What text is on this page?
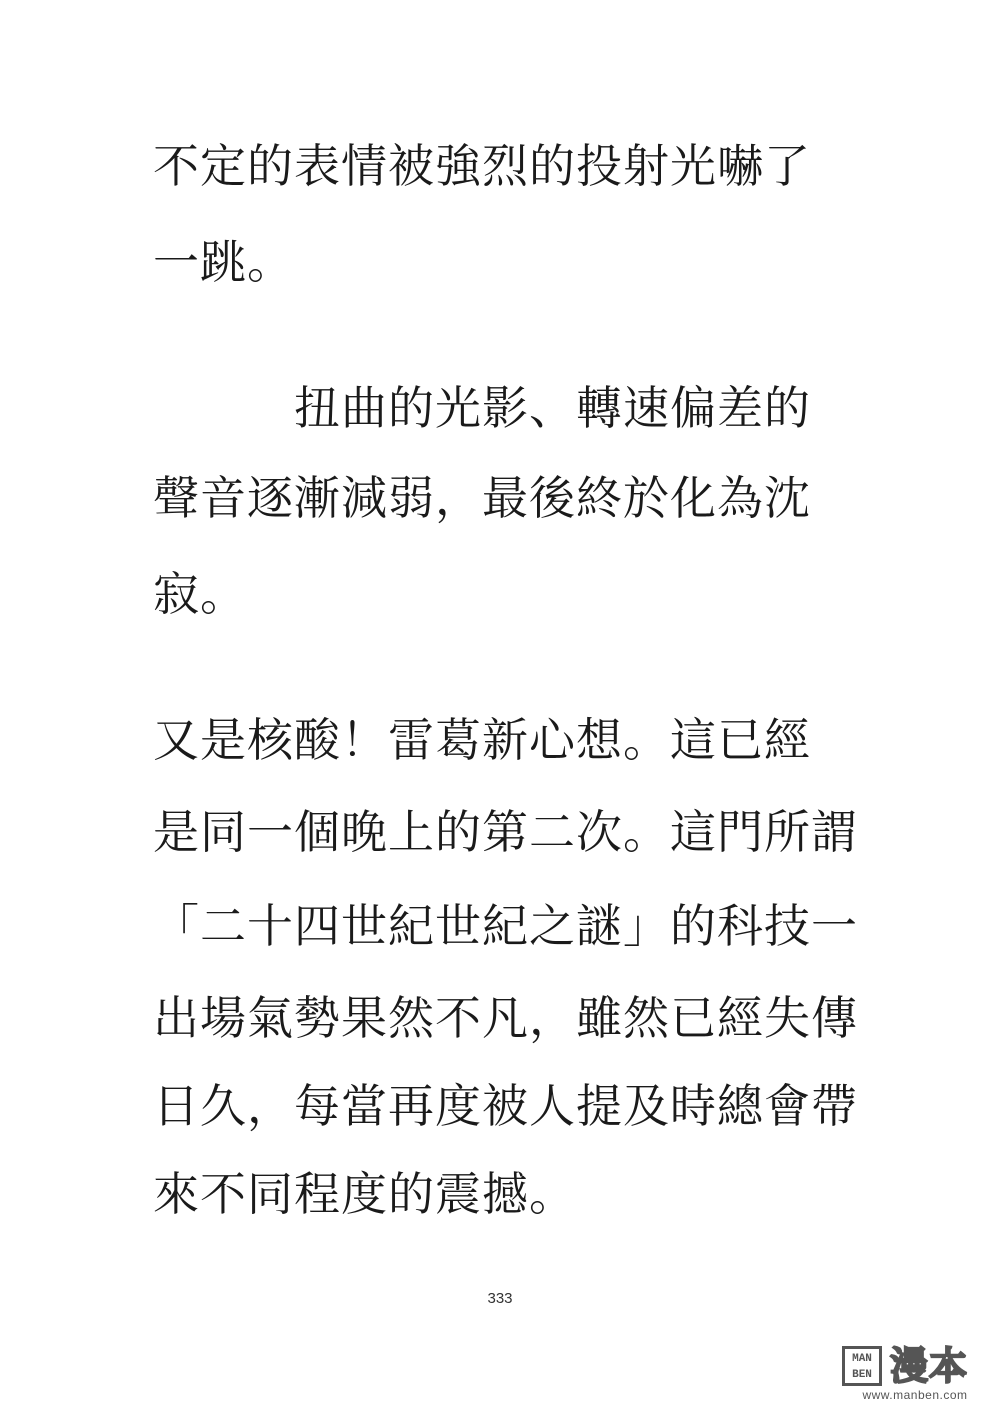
不定的表情被強烈的投射光嚇了
一跳。
　　　扭曲的光影、轉速偏差的
聲音逐漸減弱，最後終於化為沈
寂。
又是核酸！雷葛新心想。這已經
是同一個晚上的第二次。這門所謂
「二十四世紀世紀之謎」的科技一
出場氣勢果然不凡，雖然已經失傳
日久，每當再度被人提及時總會帶
來不同程度的震撼。
333
MAN BEN 漫本
www.manben.com
